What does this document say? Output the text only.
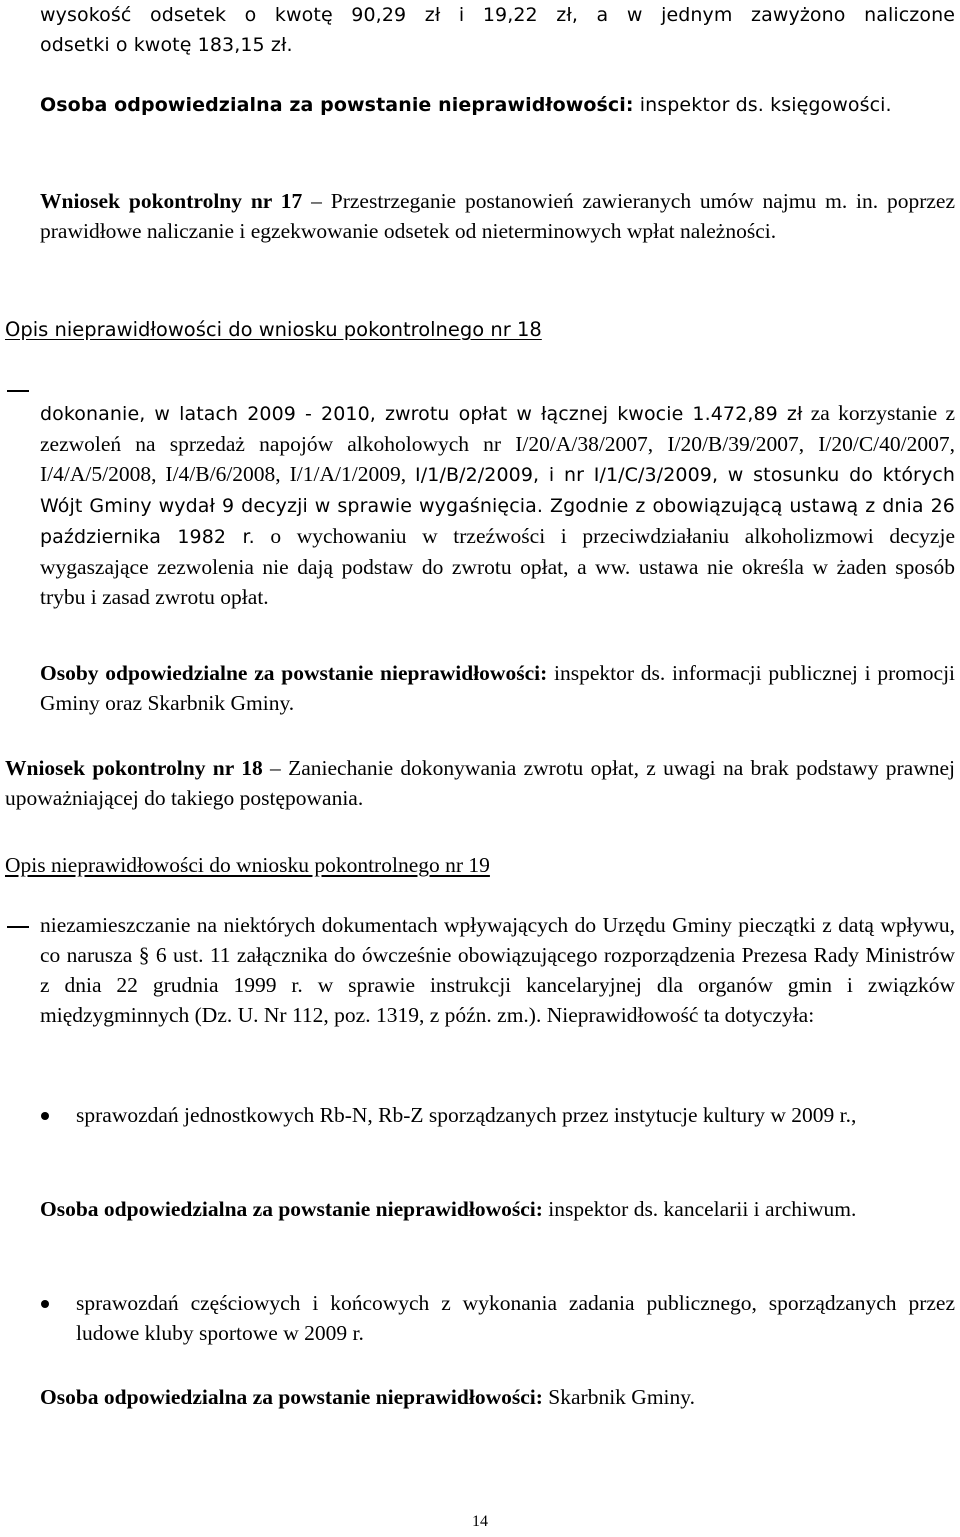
wysokość odsetek o kwotę 90,29 zł i 19,22 zł, a w jednym zawyżono naliczone

odsetki o kwotę 183,15 zł.

Osoba odpowiedzialna za powstanie nieprawidłowości: inspektor ds. księgowości.

Wniosek pokontrolny nr 17 – Przestrzeganie postanowień zawieranych umów najmu m. in. poprzez prawidłowe naliczanie i egzekwowanie odsetek od nieterminowych wpłat należności.

Opis nieprawidłowości do wniosku pokontrolnego nr 18

dokonanie, w latach 2009 - 2010, zwrotu opłat w łącznej kwocie 1.472,89 zł za korzystanie z zezwoleń na sprzedaż napojów alkoholowych nr I/20/A/38/2007, I/20/B/39/2007, I/20/C/40/2007, I/4/A/5/2008, I/4/B/6/2008, I/1/A/1/2009, I/1/B/2/2009, i nr I/1/C/3/2009, w stosunku do których Wójt Gminy wydał 9 decyzji w sprawie wygaśnięcia. Zgodnie z obowiązującą ustawą z dnia 26 października 1982 r. o wychowaniu w trzeźwości i przeciwdziałaniu alkoholizmowi decyzje wygaszające zezwolenia nie dają podstaw do zwrotu opłat, a ww. ustawa nie określa w żaden sposób trybu i zasad zwrotu opłat.

Osoby odpowiedzialne za powstanie nieprawidłowości: inspektor ds. informacji publicznej i promocji Gminy oraz Skarbnik Gminy.

Wniosek pokontrolny nr 18 – Zaniechanie dokonywania zwrotu opłat, z uwagi na brak podstawy prawnej upoważniającej do takiego postępowania.

Opis nieprawidłowości do wniosku pokontrolnego nr 19
niezamieszczanie na niektórych dokumentach wpływających do Urzędu Gminy pieczątki z datą wpływu, co narusza § 6 ust. 11 załącznika do ówcześnie obowiązującego rozporządzenia Prezesa Rady Ministrów z dnia 22 grudnia 1999 r. w sprawie instrukcji kancelaryjnej dla organów gmin i związków międzygminnych (Dz. U. Nr 112, poz. 1319, z późn. zm.). Nieprawidłowość ta dotyczyła:
sprawozdań jednostkowych Rb-N, Rb-Z sporządzanych przez instytucje kultury w 2009 r.,

Osoba odpowiedzialna za powstanie nieprawidłowości: inspektor ds. kancelarii i archiwum.

sprawozdań częściowych i końcowych z wykonania zadania publicznego, sporządzanych przez ludowe kluby sportowe w 2009 r.

Osoba odpowiedzialna za powstanie nieprawidłowości: Skarbnik Gminy.

14
